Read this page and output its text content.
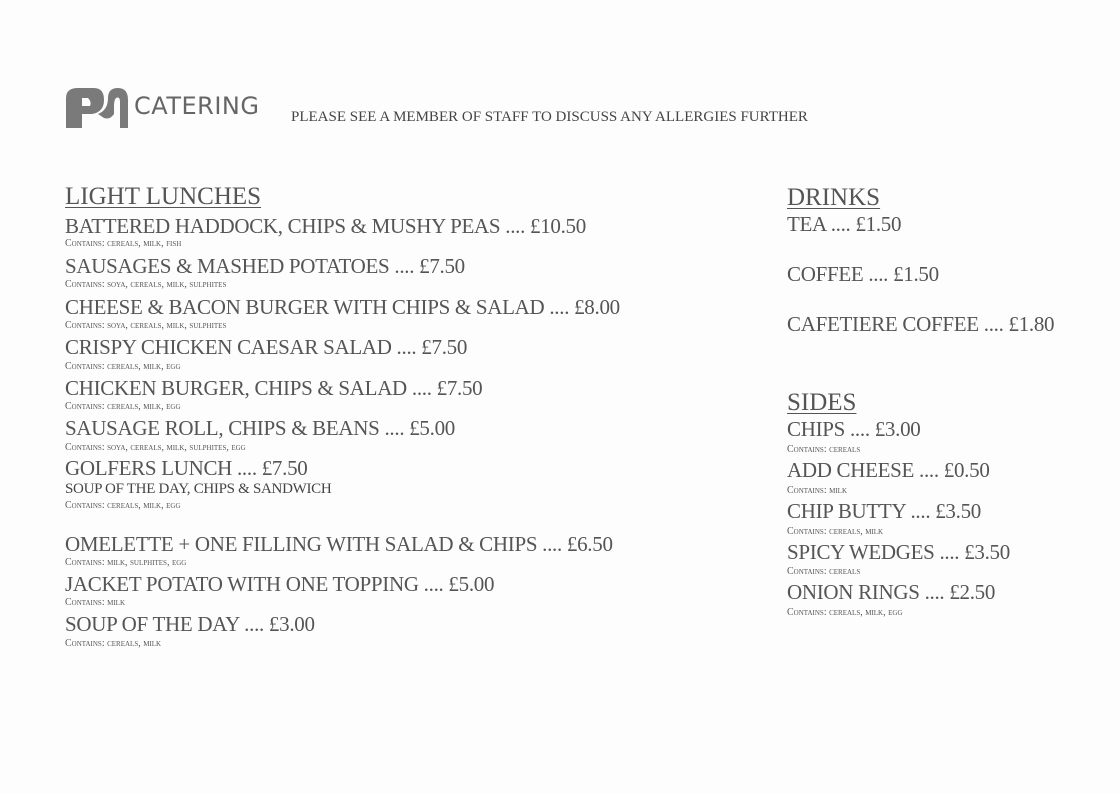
CATERING PLEASE SEE A MEMBER OF STAFF TO DISCUSS ANY ALLERGIES FURTHER
LIGHT LUNCHES
BATTERED HADDOCK, CHIPS & MUSHY PEAS .... £10.50
Contains: cereals, milk, fish
SAUSAGES & MASHED POTATOES .... £7.50
Contains: soya, cereals, milk, sulphites
CHEESE & BACON BURGER WITH CHIPS & SALAD .... £8.00
Contains: soya, cereals, milk, sulphites
CRISPY CHICKEN CAESAR SALAD .... £7.50
Contains: cereals, milk, egg
CHICKEN BURGER, CHIPS & SALAD .... £7.50
Contains: cereals, milk, egg
SAUSAGE ROLL, CHIPS & BEANS .... £5.00
Contains: soya, cereals, milk, sulphites, egg
GOLFERS LUNCH .... £7.50
SOUP OF THE DAY, CHIPS & SANDWICH
Contains: cereals, milk, egg
OMELETTE + ONE FILLING WITH SALAD & CHIPS .... £6.50
Contains: milk, sulphites, egg
JACKET POTATO WITH ONE TOPPING .... £5.00
Contains: milk
SOUP OF THE DAY .... £3.00
Contains: cereals, milk
DRINKS
TEA .... £1.50
COFFEE .... £1.50
CAFETIERE COFFEE .... £1.80
SIDES
CHIPS .... £3.00
Contains: cereals
ADD CHEESE .... £0.50
Contains: milk
CHIP BUTTY .... £3.50
Contains: cereals, milk
SPICY WEDGES .... £3.50
Contains: cereals
ONION RINGS .... £2.50
Contains: cereals, milk, egg
